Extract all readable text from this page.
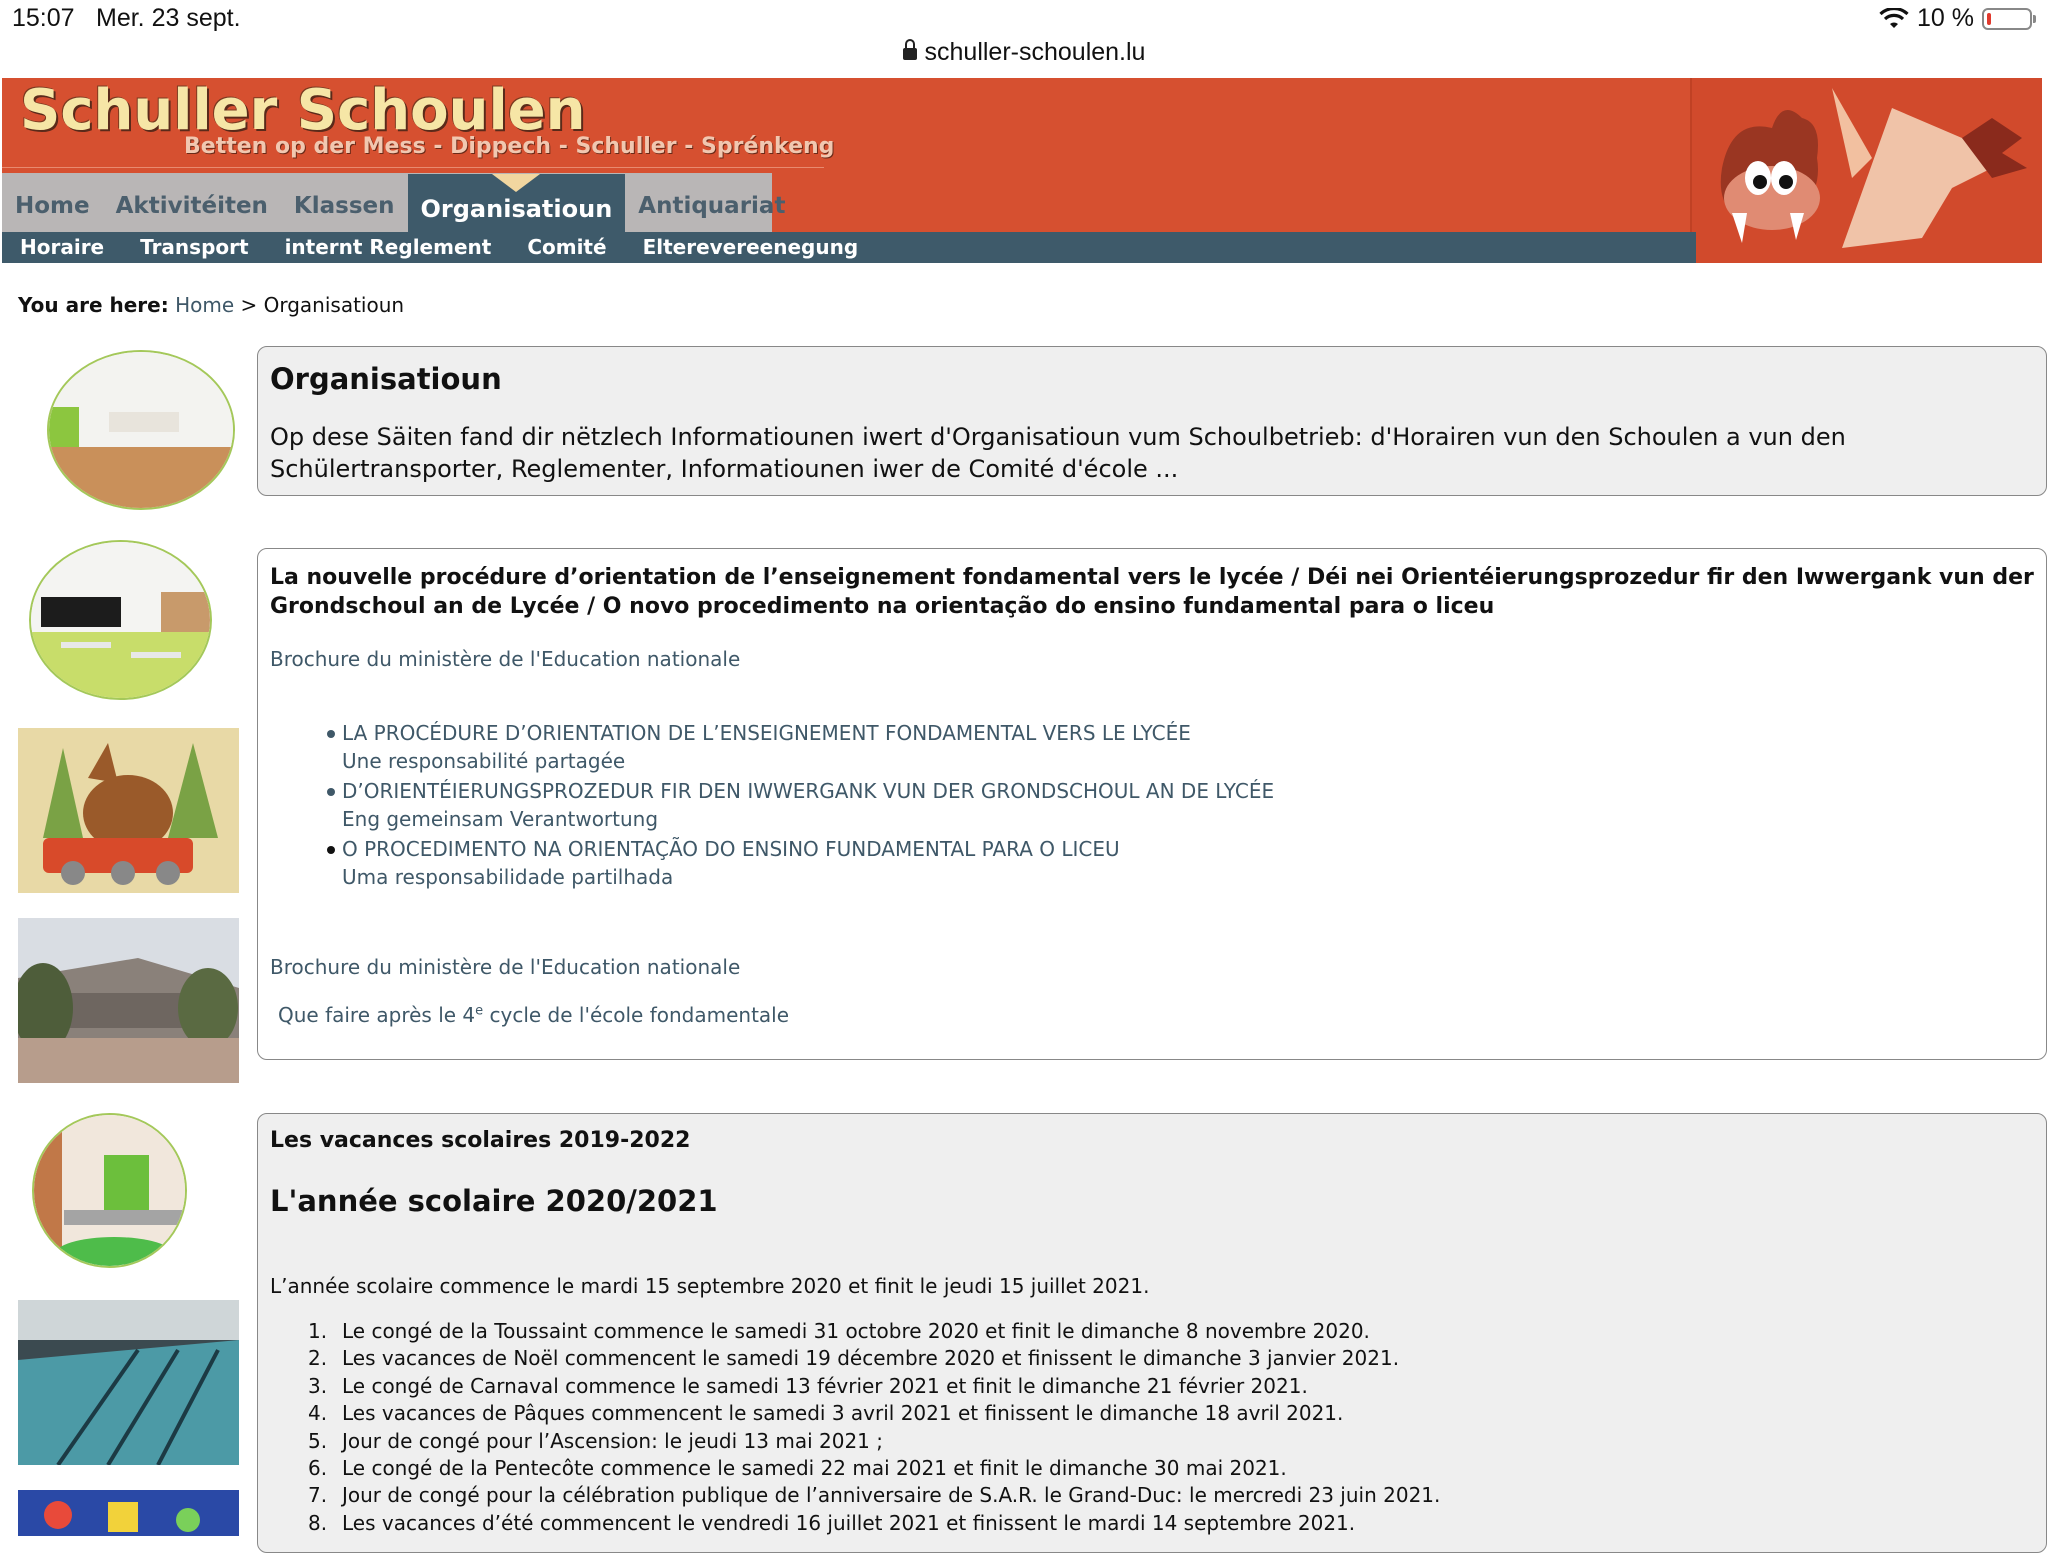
15:07 Mer. 23 sept.	10 %
schuller-schoulen.lu
Schuller Schoulen
Betten op der Mess - Dippech - Schuller - Sprénkeng
Home	Aktivitéiten	Klassen	Organisatioun	Antiquariat
Horaire	Transport	internt Reglement	Comité	Elterevereenegung
You are here: Home > Organisatioun
Organisatioun

Op dese Säiten fand dir nëtzlech Informatiounen iwert d'Organisatioun vum Schoulbetrieb: d'Horairen vun den Schoulen a vun den Schülertransporter, Reglementer, Informatiounen iwer de Comité d'école ...

La nouvelle procédure d’orientation de l’enseignement fondamental vers le lycée / Déi nei Orientéierungsprozedur fir den Iwwergank vun der Grondschoul an de Lycée / O novo procedimento na orientação do ensino fundamental para o liceu
Brochure du ministère de l'Education nationale
LA PROCÉDURE D’ORIENTATION DE L’ENSEIGNEMENT FONDAMENTAL VERS LE LYCÉE
Une responsabilité partagée
D’ORIENTÉIERUNGSPROZEDUR FIR DEN IWWERGANK VUN DER GRONDSCHOUL AN DE LYCÉE
Eng gemeinsam Verantwortung
O PROCEDIMENTO NA ORIENTAÇÃO DO ENSINO FUNDAMENTAL PARA O LICEU
Uma responsabilidade partilhada
Brochure du ministère de l'Education nationale
Que faire après le 4e cycle de l'école fondamentale
Les vacances scolaires 2019-2022
L'année scolaire 2020/2021

L’année scolaire commence le mardi 15 septembre 2020 et finit le jeudi 15 juillet 2021.

1. Le congé de la Toussaint commence le samedi 31 octobre 2020 et finit le dimanche 8 novembre 2020.
2. Les vacances de Noël commencent le samedi 19 décembre 2020 et finissent le dimanche 3 janvier 2021.
3. Le congé de Carnaval commence le samedi 13 février 2021 et finit le dimanche 21 février 2021.
4. Les vacances de Pâques commencent le samedi 3 avril 2021 et finissent le dimanche 18 avril 2021.
5. Jour de congé pour l’Ascension: le jeudi 13 mai 2021 ;
6. Le congé de la Pentecôte commence le samedi 22 mai 2021 et finit le dimanche 30 mai 2021.
7. Jour de congé pour la célébration publique de l’anniversaire de S.A.R. le Grand-Duc: le mercredi 23 juin 2021.
8. Les vacances d’été commencent le vendredi 16 juillet 2021 et finissent le mardi 14 septembre 2021.
